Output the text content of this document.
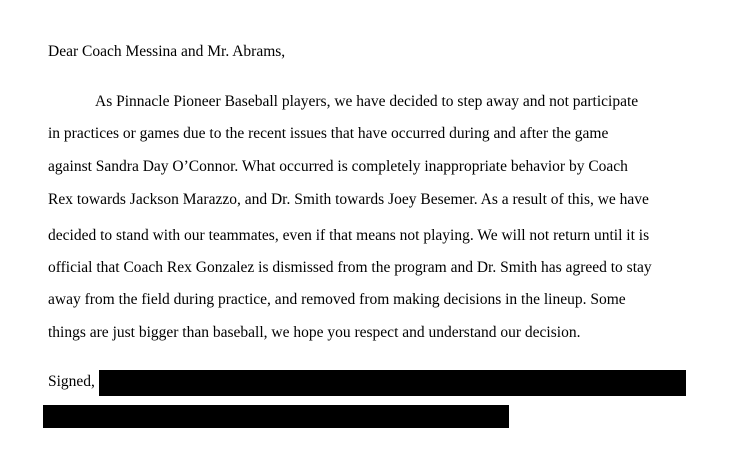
Dear Coach Messina and Mr. Abrams,

As Pinnacle Pioneer Baseball players, we have decided to step away and not participate

in practices or games due to the recent issues that have occurred during and after the game

against Sandra Day O’Connor. What occurred is completely inappropriate behavior by Coach

Rex towards Jackson Marazzo, and Dr. Smith towards Joey Besemer. As a result of this, we have

decided to stand with our teammates, even if that means not playing. We will not return until it is

official that Coach Rex Gonzalez is dismissed from the program and Dr. Smith has agreed to stay

away from the field during practice, and removed from making decisions in the lineup. Some

things are just bigger than baseball, we hope you respect and understand our decision.

Signed,
